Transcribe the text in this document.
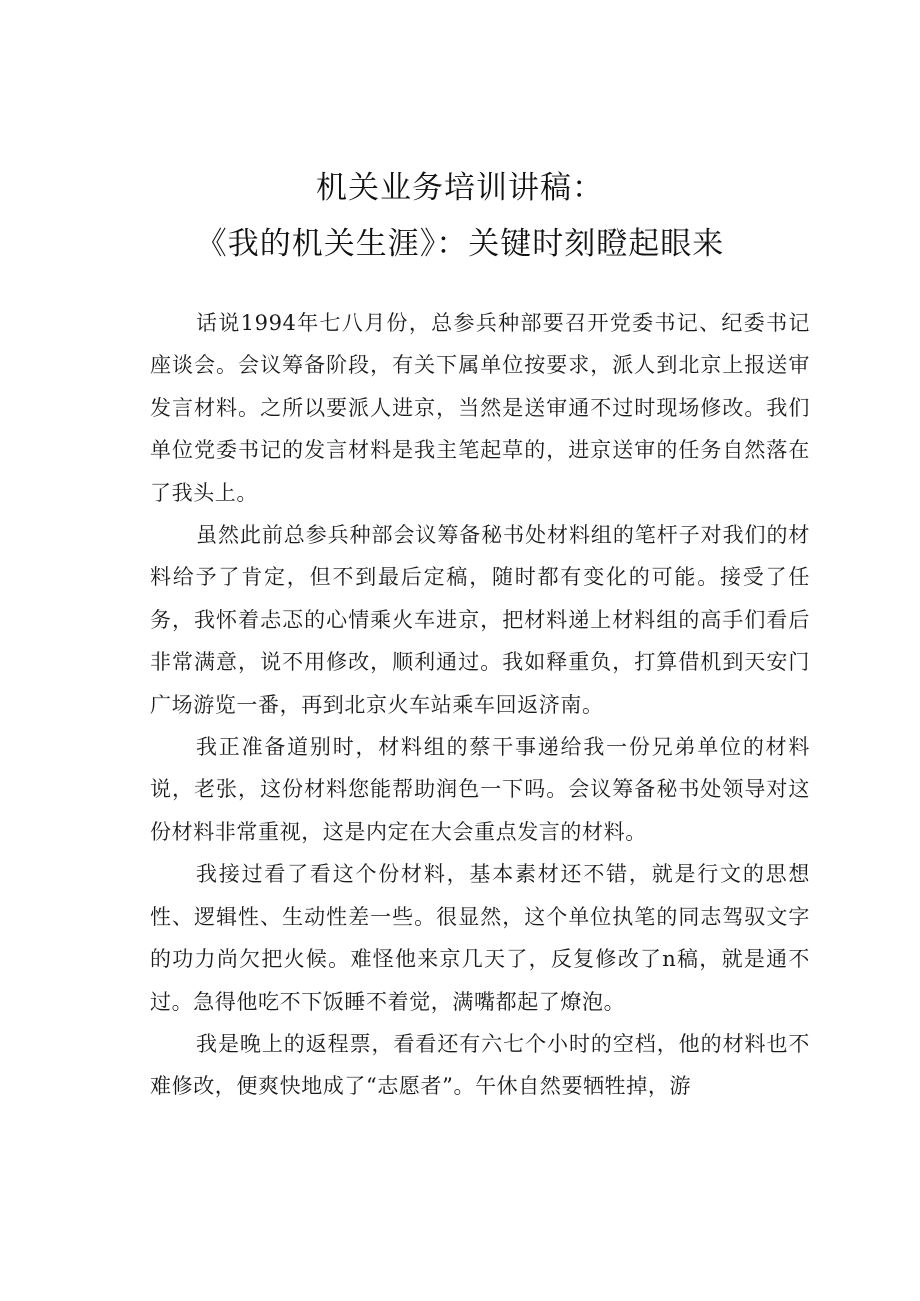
机关业务培训讲稿：
《我的机关生涯》：关键时刻瞪起眼来

话说1994年七八月份，总参兵种部要召开党委书记、纪委书记座谈会。会议筹备阶段，有关下属单位按要求，派人到北京上报送审发言材料。之所以要派人进京，当然是送审通不过时现场修改。我们单位党委书记的发言材料是我主笔起草的，进京送审的任务自然落在了我头上。

虽然此前总参兵种部会议筹备秘书处材料组的笔杆子对我们的材料给予了肯定，但不到最后定稿，随时都有变化的可能。接受了任务，我怀着忐忑的心情乘火车进京，把材料递上材料组的高手们看后非常满意，说不用修改，顺利通过。我如释重负，打算借机到天安门广场游览一番，再到北京火车站乘车回返济南。

我正准备道别时，材料组的蔡干事递给我一份兄弟单位的材料说，老张，这份材料您能帮助润色一下吗。会议筹备秘书处领导对这份材料非常重视，这是内定在大会重点发言的材料。

我接过看了看这个份材料，基本素材还不错，就是行文的思想性、逻辑性、生动性差一些。很显然，这个单位执笔的同志驾驭文字的功力尚欠把火候。难怪他来京几天了，反复修改了n稿，就是通不过。急得他吃不下饭睡不着觉，满嘴都起了燎泡。

我是晚上的返程票，看看还有六七个小时的空档，他的材料也不难修改，便爽快地成了“志愿者”。午休自然要牺牲掉，游
